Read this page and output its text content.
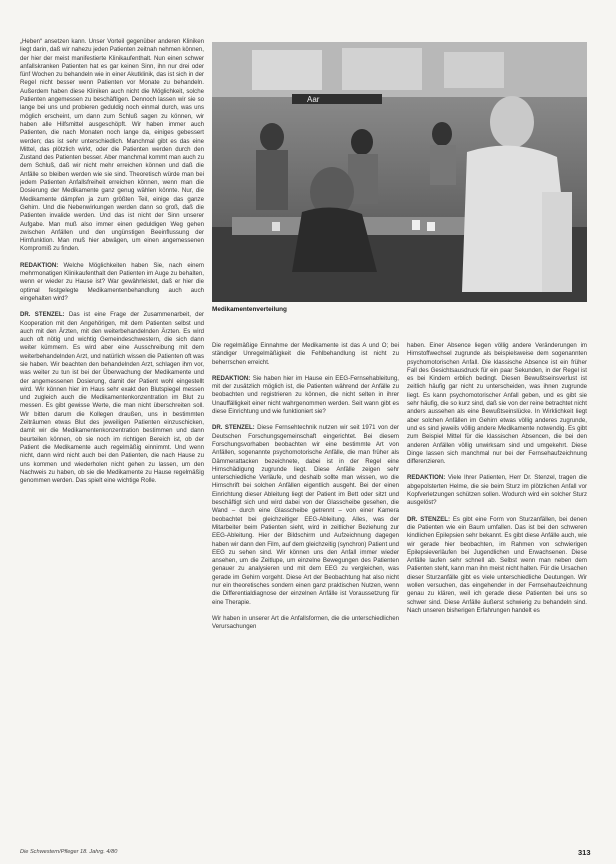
„Heben“ ansetzen kann. Unser Vorteil gegenüber anderen Kliniken liegt darin, daß wir nahezu jeden Patienten zeitnah nehmen können, der hier der meist manifestierte Klinikaufenthalt. Nun einen schwer anfallskranken Patienten hat es gar keinen Sinn, ihn nur drei oder fünf Wochen zu behandeln wie in einer Akutklinik, das ist sich in der Regel nicht besser wenn Patienten vor Monate zu behandeln. Außerdem haben diese Kliniken auch nicht die Möglichkeit, solche Patienten angemessen zu beschäftigen. Dennoch lassen wir sie so lange bei uns und probieren geduldig noch einmal durch, was uns möglich erscheint, um dann zum Schluß sagen zu können, wir haben alle Hilfsmittel ausgeschöpft. Wir haben immer auch Patienten, die nach Monaten noch lange da, einiges gebessert werden; das ist sehr unterschiedlich. Manchmal gibt es das eine Mittel, das plötzlich wirkt, oder die Patienten werden durch den Zustand des Patienten besser. Aber manchmal kommt man auch zu dem Schluß, daß wir nicht mehr erreichen können und daß die Anfälle so bleiben werden wie sie sind. Theoretisch würde man bei jedem Patienten Anfallsfreiheit erreichen können, wenn man die Dosierung der Medikamente ganz genug wählen könnte. Nur, die Medikamente dämpfen ja zum größten Teil, einige das ganze Gehirn. Und die Nebenwirkungen werden dann so groß, daß die Patienten invalide werden. Und das ist nicht der Sinn unserer Aufgabe. Man muß also immer einen geduldigen Weg gehen zwischen Anfällen und den ungünstigen Beeinflussung der Hirnfunktion. Man muß hier abwägen, um einen angemessenen Kompromiß zu finden.

REDAKTION: Welche Möglichkeiten haben Sie, nach einem mehrmonatigen Klinikaufenthalt den Patienten im Auge zu behalten, wenn er wieder zu Hause ist? War gewährleistet, daß er hier die optimal festgelegte Medikamentenbehandlung auch auch eingehalten wird?

DR. STENZEL: Das ist eine Frage der Zusammenarbeit, der Kooperation mit den Angehörigen, mit dem Patienten selbst und auch mit den Ärzten, mit den weiterbehandelnden Ärzten. Es wird auch oft nötig und wichtig Gemeindeschwestern, die sich dann weiter kümmern. Es wird aber eine Ausschreibung mit dem weiterbehandelnden Arzt, und natürlich wissen die Patienten oft was sie haben. Wir beachten den behandelnden Arzt, schlagen ihm vor, was weiter zu tun ist bei der Überwachung der Medikamente und der angemessenen Dosierung, damit der Patient wohl eingestellt wird. Wir können hier im Haus sehr exakt den Blutspiegel messen und zugleich auch die Medikamentenkonzentration im Blut zu messen. Es gibt gewisse Werte, die man nicht überschreiten soll. Wir bitten darum die Kollegen draußen, uns in bestimmten Zeiträumen etwas Blut des jeweiligen Patienten einzuschicken, damit wir die Medikamentenkonzentration bestimmen und dann beurteilen können, ob sie noch im richtigen Bereich ist, ob der Patient die Medikamente auch regelmäßig einnimmt. Und wenn nicht, dann wird nicht auch bei den Patienten, die nach Hause zu uns kommen und wiederholen nicht gehen zu lassen, um den Nachweis zu haben, ob sie die Medikamente zu Hause regelmäßig genommen werden. Das spielt eine wichtige Rolle.

Aar
Medikamentenverteilung

Die regelmäßige Einnahme der Medikamente ist das A und O; bei ständiger Unregelmäßigkeit die Fehlbehandlung ist nicht zu beherrschen erreicht.

REDAKTION: Sie haben hier im Hause ein EEG-Fernsehableitung, mit der zusätzlich möglich ist, die Patienten während der Anfälle zu beobachten und registrieren zu können, die nicht selten in ihrer Unauffälligkeit einer nicht wahrgenommen werden. Seit wann gibt es diese Einrichtung und wie funktioniert sie?

DR. STENZEL: Diese Fernsehtechnik nutzen wir seit 1971 von der Deutschen Forschungsgemeinschaft eingerichtet. Bei diesem Forschungsvorhaben beobachten wir eine bestimmte Art von Anfällen, sogenannte psychomotorische Anfälle, die man früher als Dämmerattacken bezeichnete, dabei ist in der Regel eine Hirnschädigung zugrunde liegt. Diese Anfälle zeigen sehr unterschiedliche Verläufe, und deshalb sollte man wissen, wo die Hirnschrift bei solchen Anfällen eigentlich ausgeht. Bei der einen Einrichtung dieser Ableitung liegt der Patient im Bett oder sitzt und beschäftigt sich und wird dabei von der Glasscheibe gesehen, die Wand – durch eine Glasscheibe getrennt – von einer Kamera beobachtet bei gleichzeitiger EEG-Ableitung. Alles, was der Mitarbeiter beim Patienten sieht, wird in zeitlicher Beziehung zur EEG-Ableitung. Hier der Bildschirm und Aufzeichnung dagegen haben wir dann den Film, auf dem gleichzeitig (synchron) Patient und EEG zu sehen sind. Wir können uns den Anfall immer wieder ansehen, um die Zeitlupe, um einzelne Bewegungen des Patienten genauer zu analysieren und mit dem EEG zu vergleichen, was gerade im Gehirn vorgeht. Diese Art der Beobachtung hat also nicht nur ein theoretisches sondern einen ganz praktischen Nutzen, wenn die Differentialdiagnose der einzelnen Anfälle ist Voraussetzung für eine Therapie.

Wir haben in unserer Art die Anfallsformen, die die unterschiedlichen Verursachungen

haben. Einer Absence liegen völlig andere Veränderungen im Hirnstoffwechsel zugrunde als beispielsweise dem sogenannten psychomotorischen Anfall. Die klassische Absence ist ein früher Fall des Gesichtsausdruck für ein paar Sekunden, in der Regel ist es bei Kindern erblich bedingt. Diesen Bewußtseinsverlust ist zeitlich häufig gar nicht zu unterscheiden, was ihnen zugrunde liegt. Es kann psychomotorischer Anfall geben, und es gibt sie sehr häufig, die so kurz sind, daß sie von der reine betrachtet nicht anders aussehen als eine Bewußtseinslücke. In Wirklichkeit liegt aber solchen Anfällen im Gehirn etwas völlig anderes zugrunde, und es sind jeweils völlig andere Medikamente notwendig. Es gibt zum Beispiel Mittel für die klassischen Absencen, die bei den anderen Anfällen völlig unwirksam sind und umgekehrt. Diese Dinge lassen sich manchmal nur bei der Fernsehaufzeichnung differenzieren.

REDAKTION: Viele Ihrer Patienten, Herr Dr. Stenzel, tragen die abgepolsterten Helme, die sie beim Sturz im plötzlichen Anfall vor Kopfverletzungen schützen sollen. Wodurch wird ein solcher Sturz ausgelöst?

DR. STENZEL: Es gibt eine Form von Sturzanfällen, bei denen die Patienten wie ein Baum umfallen. Das ist bei den schweren kindlichen Epilepsien sehr bekannt. Es gibt diese Anfälle auch, wie wir gerade hier beobachten, im Rahmen von schwierigen Epilepsieverläufen bei Jugendlichen und Erwachsenen. Diese Anfälle laufen sehr schnell ab. Selbst wenn man neben dem Patienten steht, kann man ihn meist nicht halten. Für die Ursachen dieser Sturzanfälle gibt es viele unterschiedliche Deutungen. Wir wollen versuchen, das eingehender in der Fernsehaufzeichnung genau zu klären, weil ich gerade diese Patienten bei uns so schwer sind. Diese Anfälle äußerst schwierig zu behandeln sind. Nach unseren bisherigen Erfahrungen handelt es

Die Schwestern/Pfleger 18. Jahrg. 4/80	313
